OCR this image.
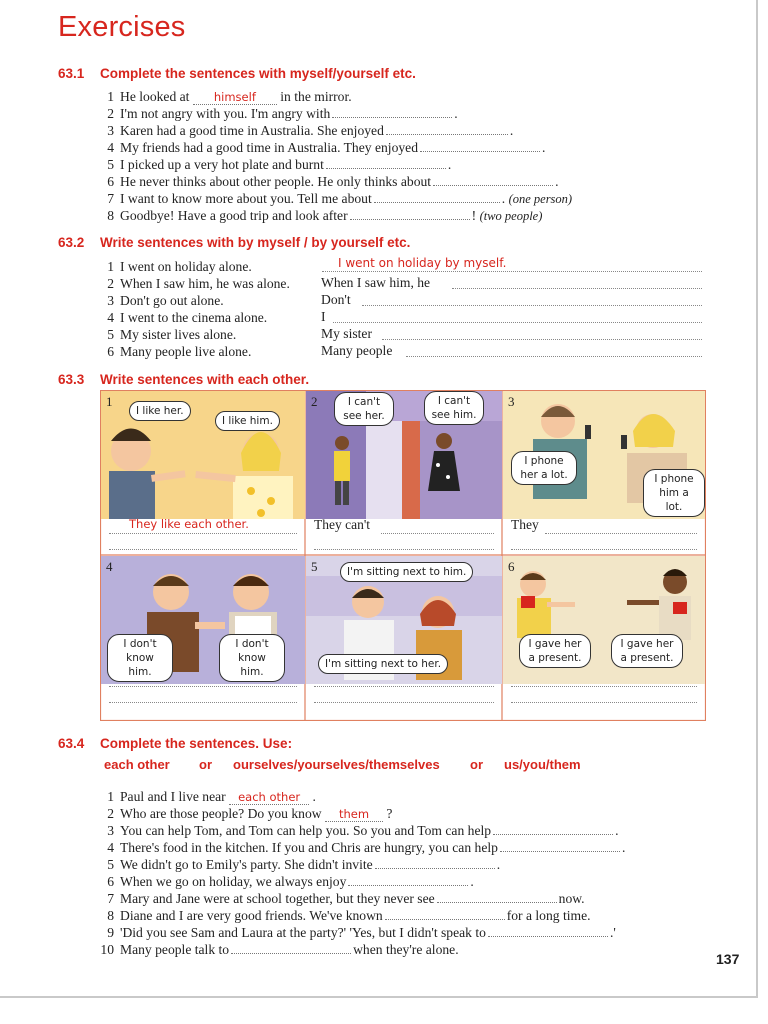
Exercises
63.1 Complete the sentences with myself/yourself etc.
1 He looked at himself in the mirror.
2 I'm not angry with you. I'm angry with	.
3 Karen had a good time in Australia. She enjoyed	.
4 My friends had a good time in Australia. They enjoyed	.
5 I picked up a very hot plate and burnt	.
6 He never thinks about other people. He only thinks about	.
7 I want to know more about you. Tell me about	. (one person)
8 Goodbye! Have a good trip and look after	! (two people)
63.2 Write sentences with by myself / by yourself etc.
1 I went on holiday alone.	I went on holiday by myself.
2 When I saw him, he was alone. When I saw him, he
3 Don't go out alone.	Don't
4 I went to the cinema alone.	I
5 My sister lives alone.	My sister
6 Many people live alone.	Many people
63.3 Write sentences with each other.
1
I like her.
I like him.
They like each other.
2	I can't see her.
I can't see him.
They can't
3
I phone her a lot.	I phone him a lot.
They
4
I don't know him.
I don't know him.
5	I'm sitting next to him.
I'm sitting next to her.
6
I gave her a present.
I gave her a present.
63.4 Complete the sentences. Use:
each other or ourselves/yourselves/themselves or us/you/them
1 Paul and I live near each other .
2 Who are those people? Do you know them ?
3 You can help Tom, and Tom can help you. So you and Tom can help	.
4 There's food in the kitchen. If you and Chris are hungry, you can help	.
5 We didn't go to Emily's party. She didn't invite	.
6 When we go on holiday, we always enjoy	.
7 Mary and Jane were at school together, but they never see	now.
8 Diane and I are very good friends. We've known	for a long time.
9 'Did you see Sam and Laura at the party?' 'Yes, but I didn't speak to	.'
10 Many people talk to	when they're alone.
137
